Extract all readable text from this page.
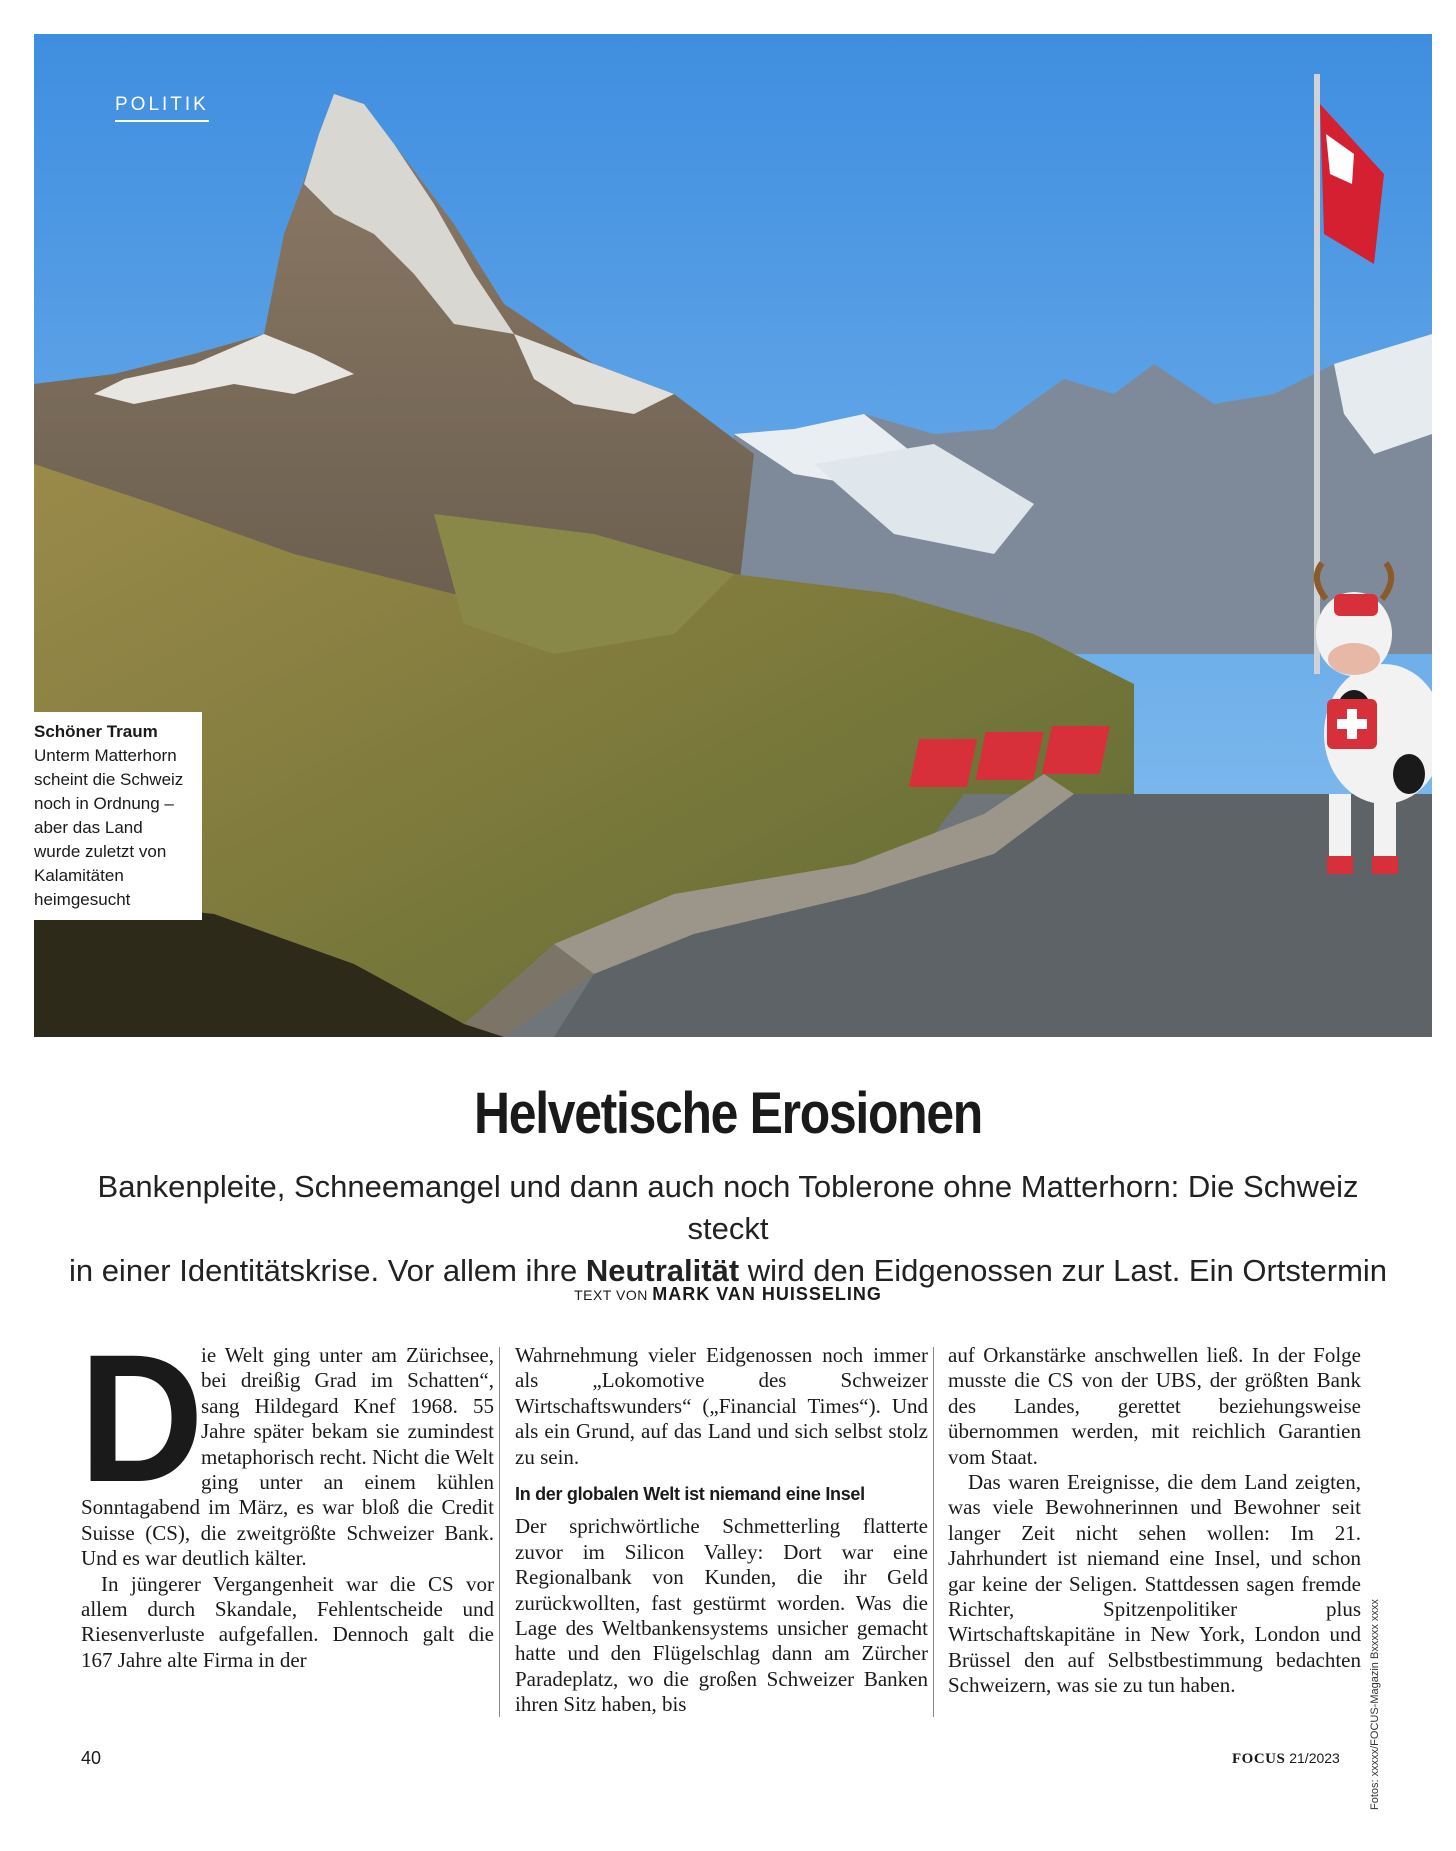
POLITIK
Schöner Traum
Unterm Matterhorn scheint die Schweiz noch in Ordnung – aber das Land wurde zuletzt von Kalamitäten heimgesucht
Fotos: xxxxx/FOCUS-Magazin Bxxxxx xxxx
Helvetische Erosionen
Bankenpleite, Schneemangel und dann auch noch Toblerone ohne Matterhorn: Die Schweiz steckt
in einer Identitätskrise. Vor allem ihre Neutralität wird den Eidgenossen zur Last. Ein Ortstermin
TEXT VON MARK VAN HUISSELING
D

ie Welt ging unter am Zürichsee, bei dreißig Grad im Schatten“, sang Hildegard Knef 1968. 55 Jahre später bekam sie zumindest metaphorisch recht. Nicht die Welt ging unter an einem kühlen Sonntagabend im März, es war bloß die Credit Suisse (CS), die zweitgrößte Schweizer Bank. Und es war deutlich kälter.

In jüngerer Vergangenheit war die CS vor allem durch Skandale, Fehlentscheide und Riesenverluste aufgefallen. Dennoch galt die 167 Jahre alte Firma in der

Wahrnehmung vieler Eidgenossen noch immer als „Lokomotive des Schweizer Wirtschaftswunders“ („Financial Times“). Und als ein Grund, auf das Land und sich selbst stolz zu sein.

In der globalen Welt ist niemand eine Insel

Der sprichwörtliche Schmetterling flatterte zuvor im Silicon Valley: Dort war eine Regionalbank von Kunden, die ihr Geld zurückwollten, fast gestürmt worden. Was die Lage des Weltbankensystems unsicher gemacht hatte und den Flügelschlag dann am Zürcher Paradeplatz, wo die großen Schweizer Banken ihren Sitz haben, bis

auf Orkanstärke anschwellen ließ. In der Folge musste die CS von der UBS, der größten Bank des Landes, gerettet beziehungsweise übernommen werden, mit reichlich Garantien vom Staat.

Das waren Ereignisse, die dem Land zeigten, was viele Bewohnerinnen und Bewohner seit langer Zeit nicht sehen wollen: Im 21. Jahrhundert ist niemand eine Insel, und schon gar keine der Seligen. Stattdessen sagen fremde Richter, Spitzenpolitiker plus Wirtschaftskapitäne in New York, London und Brüssel den auf Selbstbestimmung bedachten Schweizern, was sie zu tun haben.

40	FOCUS 21/2023
